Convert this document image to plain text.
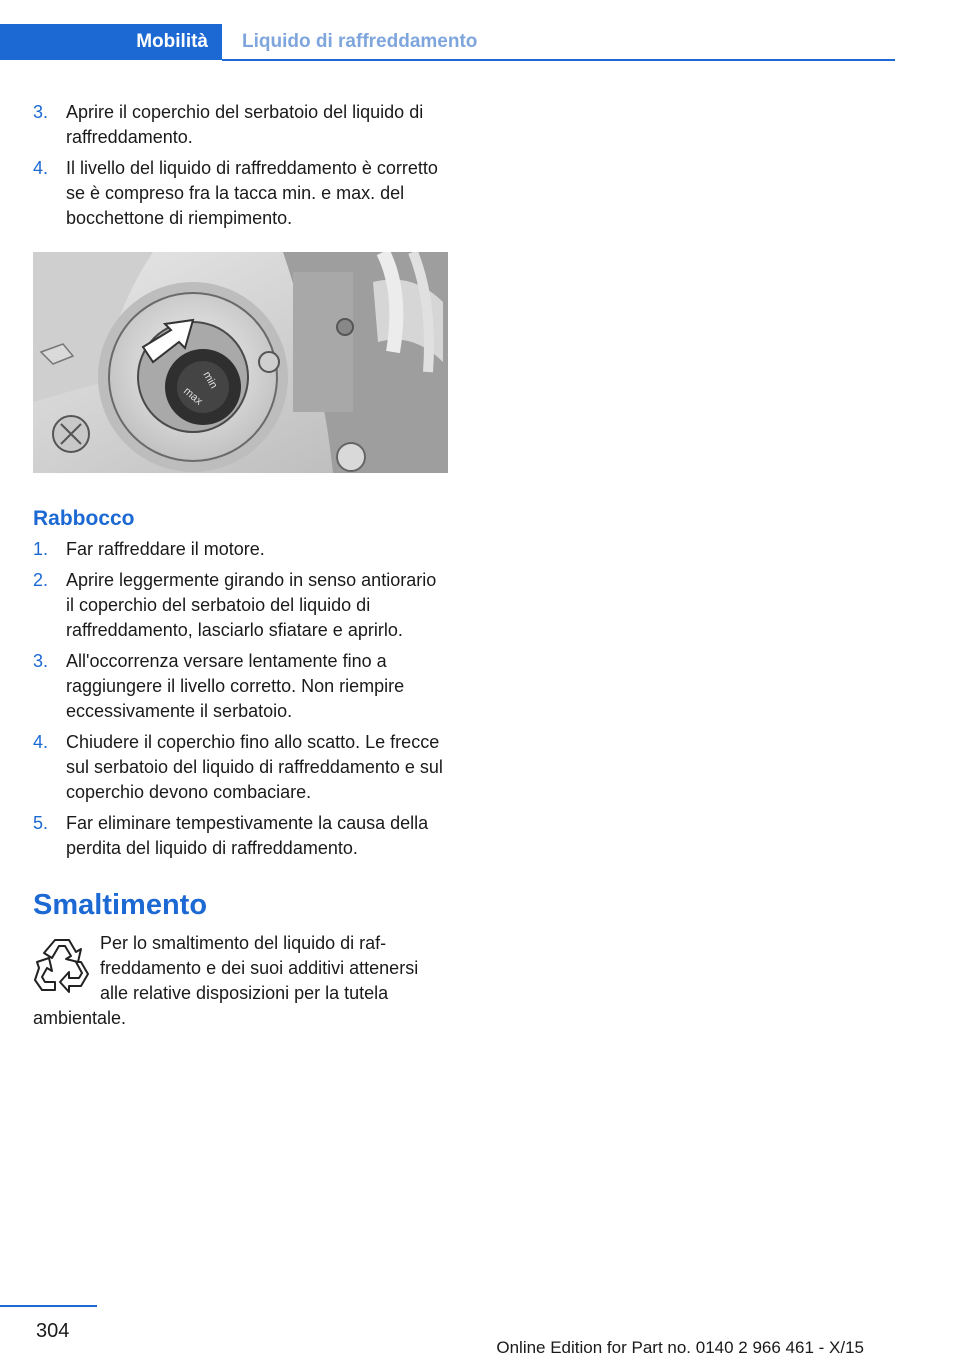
Mobilità	Liquido di raffreddamento
3. Aprire il coperchio del serbatoio del liquido di raffreddamento.
4. Il livello del liquido di raffreddamento è corretto se è compreso fra la tacca min. e max. del bocchettone di riempimento.
min
max
Rabbocco
1. Far raffreddare il motore.
2. Aprire leggermente girando in senso antiorario il coperchio del serbatoio del liquido di raffreddamento, lasciarlo sfiatare e aprirlo.
3. All'occorrenza versare lentamente fino a raggiungere il livello corretto. Non riempire eccessivamente il serbatoio.
4. Chiudere il coperchio fino allo scatto. Le frecce sul serbatoio del liquido di raffreddamento e sul coperchio devono combaciare.
5. Far eliminare tempestivamente la causa della perdita del liquido di raffreddamento.
Smaltimento
Per lo smaltimento del liquido di raffreddamento e dei suoi additivi attenersi alle relative disposizioni per la tutela ambientale.
304
Online Edition for Part no. 0140 2 966 461 - X/15
